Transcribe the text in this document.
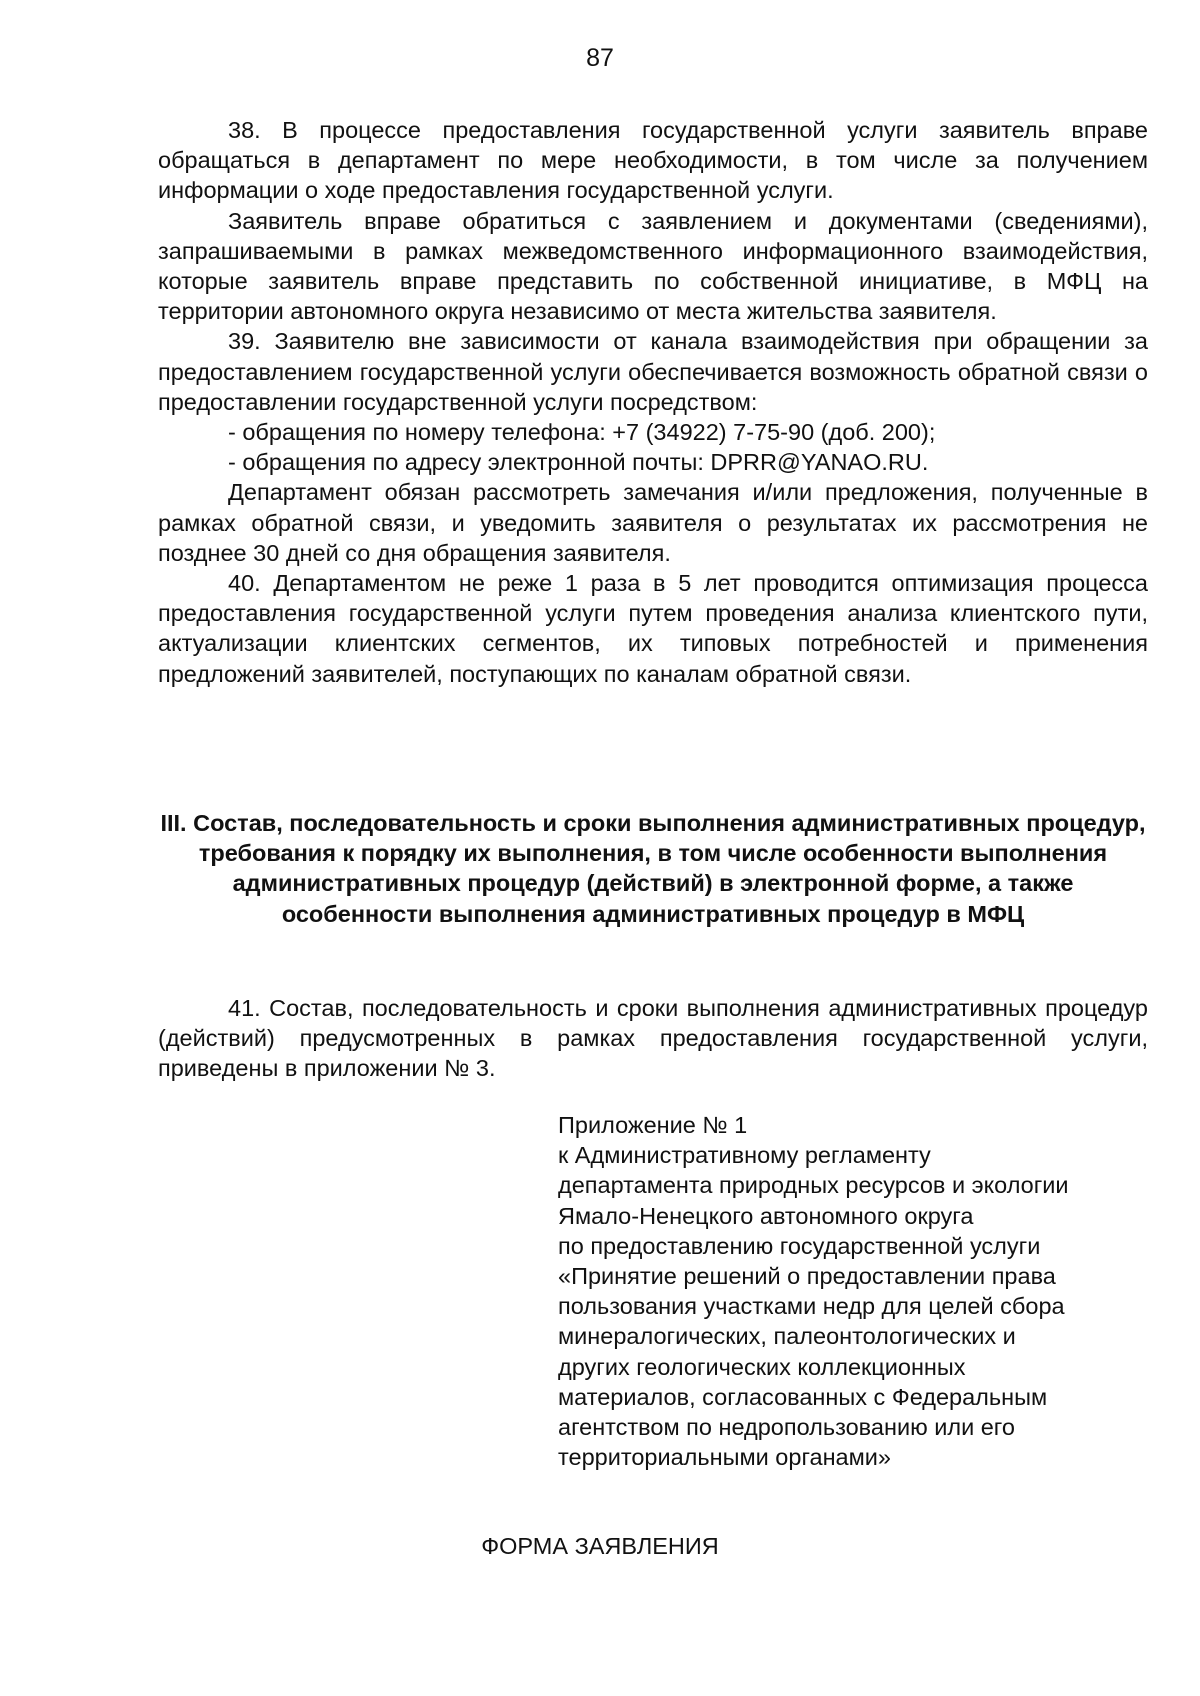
87

38. В процессе предоставления государственной услуги заявитель вправе обращаться в департамент по мере необходимости, в том числе за получением информации о ходе предоставления государственной услуги.

Заявитель вправе обратиться с заявлением и документами (сведениями), запрашиваемыми в рамках межведомственного информационного взаимодействия, которые заявитель вправе представить по собственной инициативе, в МФЦ на территории автономного округа независимо от места жительства заявителя.

39. Заявителю вне зависимости от канала взаимодействия при обращении за предоставлением государственной услуги обеспечивается возможность обратной связи о предоставлении государственной услуги посредством:

- обращения по номеру телефона: +7 (34922) 7-75-90 (доб. 200);

- обращения по адресу электронной почты: DPRR@YANAO.RU.

Департамент обязан рассмотреть замечания и/или предложения, полученные в рамках обратной связи, и уведомить заявителя о результатах их рассмотрения не позднее 30 дней со дня обращения заявителя.

40. Департаментом не реже 1 раза в 5 лет проводится оптимизация процесса предоставления государственной услуги путем проведения анализа клиентского пути, актуализации клиентских сегментов, их типовых потребностей и применения предложений заявителей, поступающих по каналам обратной связи.

III. Состав, последовательность и сроки выполнения административных процедур, требования к порядку их выполнения, в том числе особенности выполнения административных процедур (действий) в электронной форме, а также особенности выполнения административных процедур в МФЦ

41. Состав, последовательность и сроки выполнения административных процедур (действий) предусмотренных в рамках предоставления государственной услуги, приведены в приложении № 3.

Приложение № 1
к Административному регламенту
департамента природных ресурсов и экологии
Ямало-Ненецкого автономного округа
по предоставлению государственной услуги
«Принятие решений о предоставлении права
пользования участками недр для целей сбора
минералогических, палеонтологических и
других геологических коллекционных
материалов, согласованных с Федеральным
агентством по недропользованию или его
территориальными органами»
ФОРМА ЗАЯВЛЕНИЯ
